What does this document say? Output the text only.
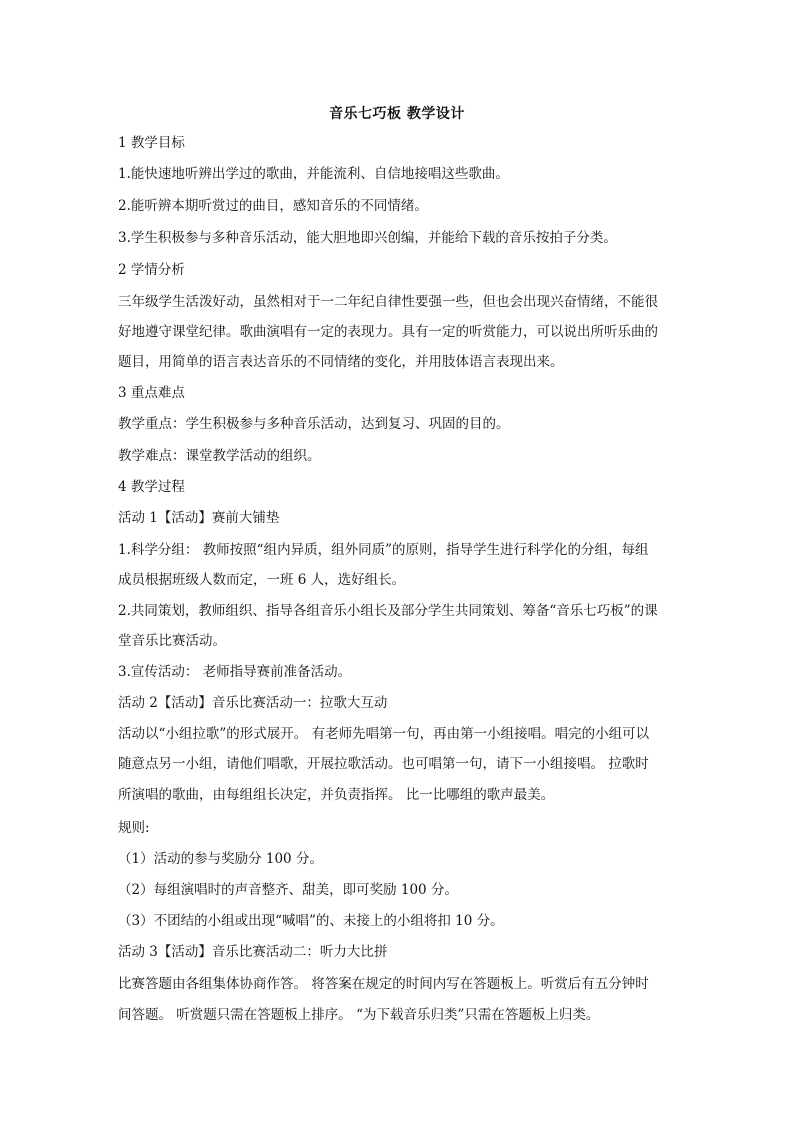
音乐七巧板 教学设计
1 教学目标
1.能快速地听辨出学过的歌曲，并能流利、自信地接唱这些歌曲。
2.能听辨本期听赏过的曲目，感知音乐的不同情绪。
3.学生积极参与多种音乐活动，能大胆地即兴创编，并能给下载的音乐按拍子分类。
2 学情分析
三年级学生活泼好动，虽然相对于一二年纪自律性要强一些，但也会出现兴奋情绪，不能很
好地遵守课堂纪律。歌曲演唱有一定的表现力。具有一定的听赏能力，可以说出所听乐曲的
题目，用简单的语言表达音乐的不同情绪的变化，并用肢体语言表现出来。
3 重点难点
教学重点：学生积极参与多种音乐活动，达到复习、巩固的目的。
教学难点：课堂教学活动的组织。
4 教学过程
活动 1【活动】赛前大铺垫
1.科学分组： 教师按照“组内异质，组外同质”的原则，指导学生进行科学化的分组，每组
成员根据班级人数而定，一班 6 人，选好组长。
2.共同策划，教师组织、指导各组音乐小组长及部分学生共同策划、筹备“音乐七巧板”的课
堂音乐比赛活动。
3.宣传活动： 老师指导赛前准备活动。
活动 2【活动】音乐比赛活动一：拉歌大互动
活动以“小组拉歌”的形式展开。 有老师先唱第一句，再由第一小组接唱。唱完的小组可以
随意点另一小组，请他们唱歌，开展拉歌活动。也可唱第一句，请下一小组接唱。 拉歌时
所演唱的歌曲，由每组组长决定，并负责指挥。 比一比哪组的歌声最美。
规则:
（1）活动的参与奖励分 100 分。
（2）每组演唱时的声音整齐、甜美，即可奖励 100 分。
（3）不团结的小组或出现“喊唱”的、未接上的小组将扣 10 分。
活动 3【活动】音乐比赛活动二：听力大比拼
比赛答题由各组集体协商作答。 将答案在规定的时间内写在答题板上。听赏后有五分钟时
间答题。 听赏题只需在答题板上排序。 “为下载音乐归类”只需在答题板上归类。
